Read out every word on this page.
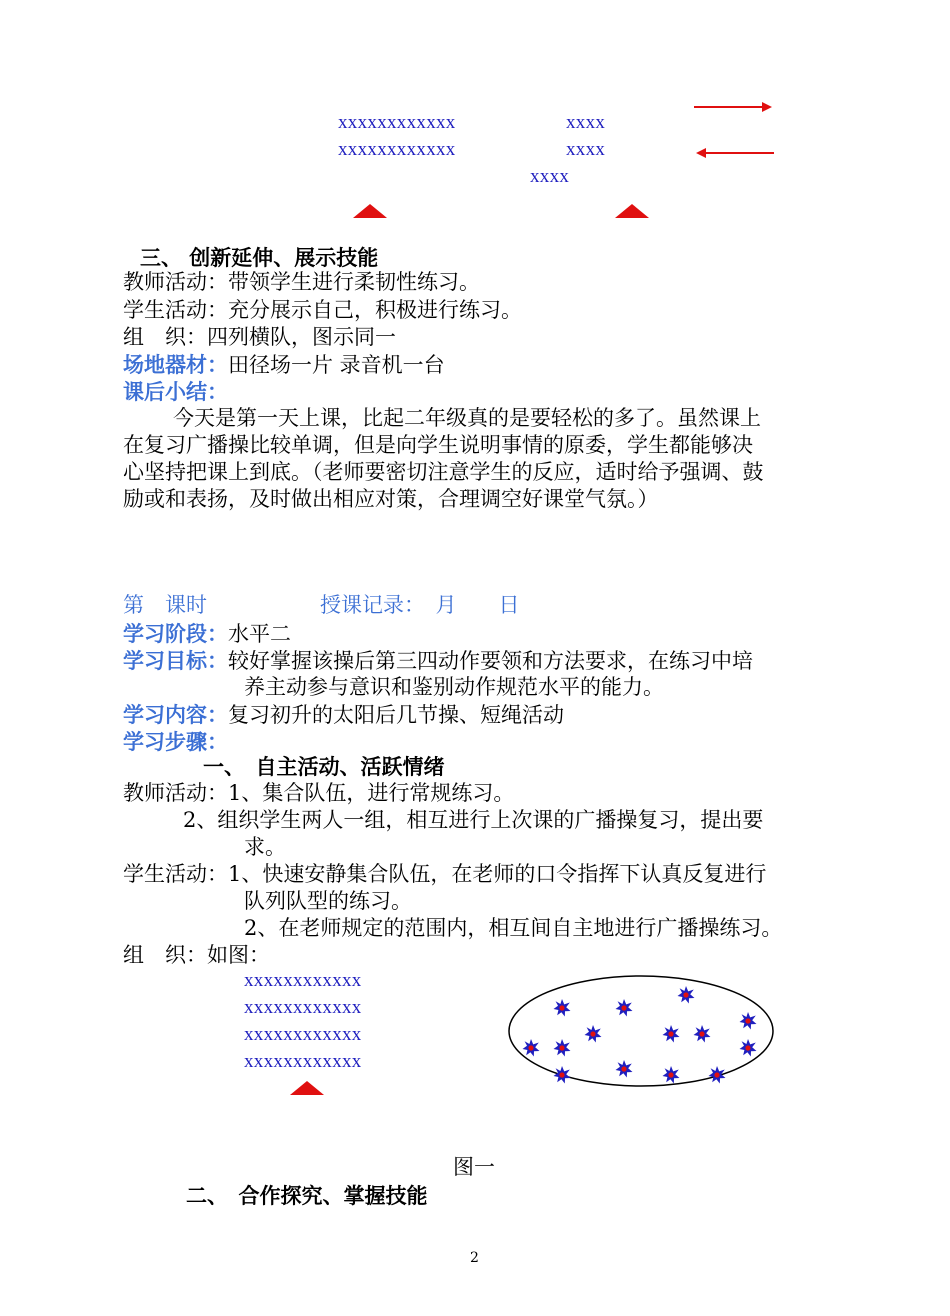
xxxxxxxxxxxx	xxxx
xxxxxxxxxxxx	xxxx
xxxx
三、 创新延伸、展示技能
教师活动：带领学生进行柔韧性练习。
学生活动：充分展示自己，积极进行练习。
组　织：四列横队，图示同一
场地器材：田径场一片 录音机一台
课后小结：
今天是第一天上课，比起二年级真的是要轻松的多了。虽然课上
在复习广播操比较单调，但是向学生说明事情的原委，学生都能够决
心坚持把课上到底。（老师要密切注意学生的反应，适时给予强调、鼓
励或和表扬，及时做出相应对策，合理调空好课堂气氛。）
第　课时	授课记录：　月　　日
学习阶段：水平二
学习目标：较好掌握该操后第三四动作要领和方法要求，在练习中培
养主动参与意识和鉴别动作规范水平的能力。
学习内容：复习初升的太阳后几节操、短绳活动
学习步骤：
一、　自主活动、活跃情绪
教师活动：1、集合队伍，进行常规练习。
2、组织学生两人一组，相互进行上次课的广播操复习，提出要
求。
学生活动：1、快速安静集合队伍，在老师的口令指挥下认真反复进行
队列队型的练习。
2、在老师规定的范围内，相互间自主地进行广播操练习。
组　织：如图：
xxxxxxxxxxxx
xxxxxxxxxxxx
xxxxxxxxxxxx
xxxxxxxxxxxx
图一
二、　合作探究、掌握技能
2
